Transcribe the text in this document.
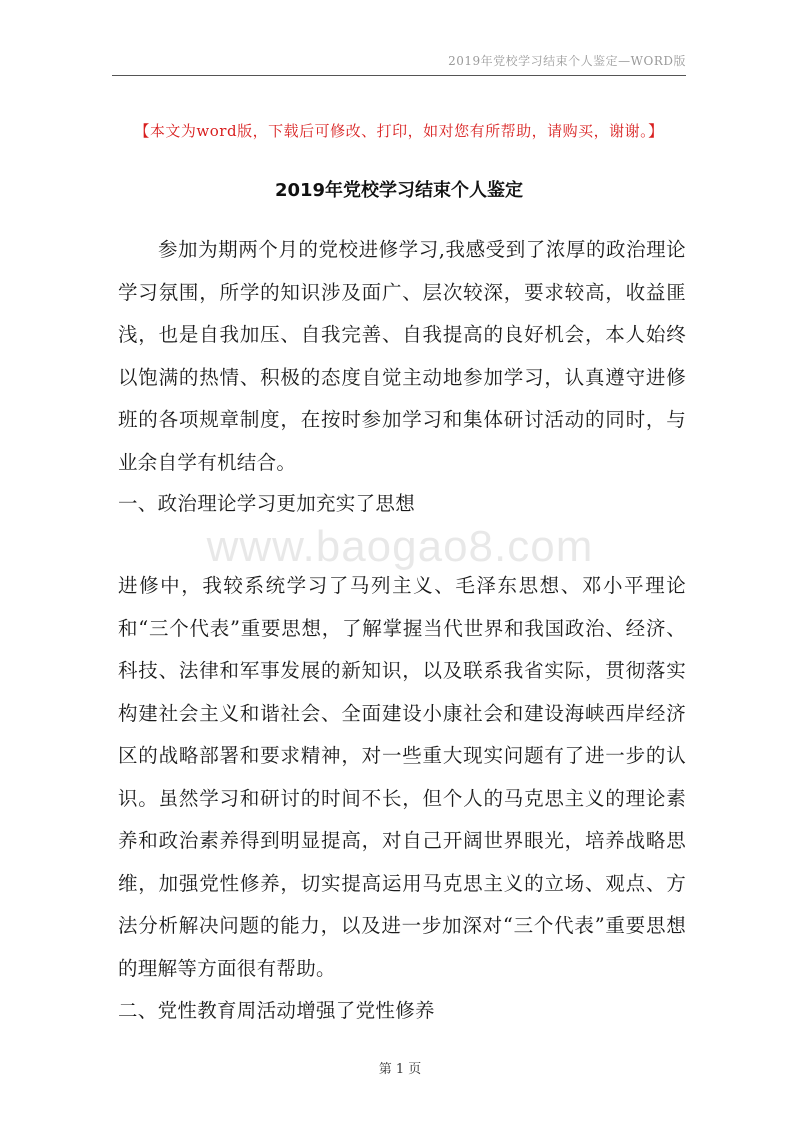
2019年党校学习结束个人鉴定—WORD版
【本文为word版，下载后可修改、打印，如对您有所帮助，请购买，谢谢。】
2019年党校学习结束个人鉴定

参加为期两个月的党校进修学习,我感受到了浓厚的政治理论学习氛围，所学的知识涉及面广、层次较深，要求较高，收益匪浅，也是自我加压、自我完善、自我提高的良好机会，本人始终以饱满的热情、积极的态度自觉主动地参加学习，认真遵守进修班的各项规章制度，在按时参加学习和集体研讨活动的同时，与业余自学有机结合。

一、政治理论学习更加充实了思想
www.baogao8.com

进修中，我较系统学习了马列主义、毛泽东思想、邓小平理论和“三个代表”重要思想，了解掌握当代世界和我国政治、经济、科技、法律和军事发展的新知识，以及联系我省实际，贯彻落实构建社会主义和谐社会、全面建设小康社会和建设海峡西岸经济区的战略部署和要求精神，对一些重大现实问题有了进一步的认识。虽然学习和研讨的时间不长，但个人的马克思主义的理论素养和政治素养得到明显提高，对自己开阔世界眼光，培养战略思维，加强党性修养，切实提高运用马克思主义的立场、观点、方法分析解决问题的能力，以及进一步加深对“三个代表”重要思想的理解等方面很有帮助。

二、党性教育周活动增强了党性修养
第 1 页
